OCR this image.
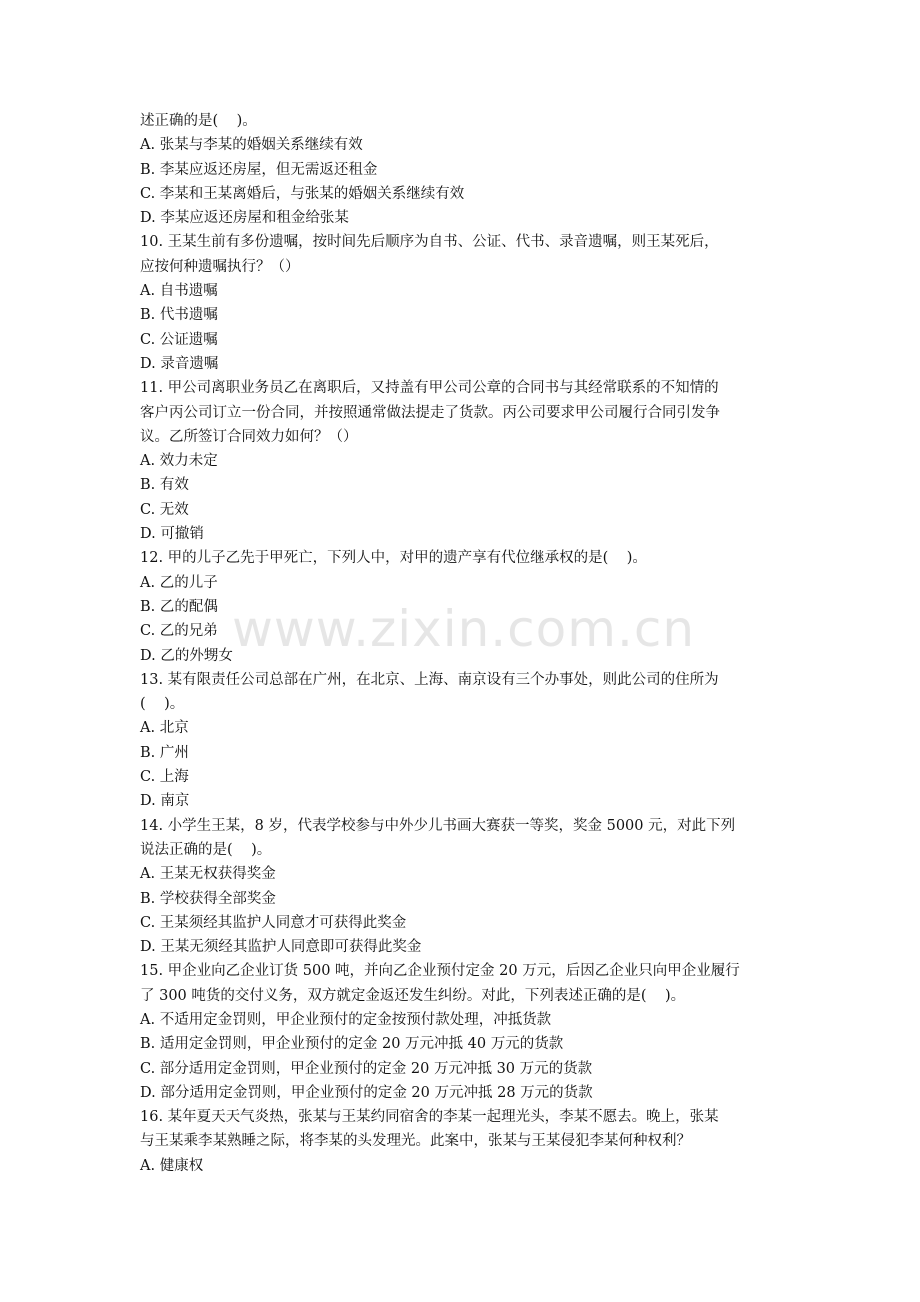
述正确的是(    )。
A. 张某与李某的婚姻关系继续有效
B. 李某应返还房屋，但无需返还租金
C. 李某和王某离婚后，与张某的婚姻关系继续有效
D. 李某应返还房屋和租金给张某
10. 王某生前有多份遗嘱，按时间先后顺序为自书、公证、代书、录音遗嘱，则王某死后，
应按何种遗嘱执行？（）
A. 自书遗嘱
B. 代书遗嘱
C. 公证遗嘱
D. 录音遗嘱
11. 甲公司离职业务员乙在离职后，又持盖有甲公司公章的合同书与其经常联系的不知情的
客户丙公司订立一份合同，并按照通常做法提走了货款。丙公司要求甲公司履行合同引发争
议。乙所签订合同效力如何？（）
A. 效力未定
B. 有效
C. 无效
D. 可撤销
12. 甲的儿子乙先于甲死亡，下列人中，对甲的遗产享有代位继承权的是(    )。
A. 乙的儿子
B. 乙的配偶
C. 乙的兄弟
D. 乙的外甥女
13. 某有限责任公司总部在广州，在北京、上海、南京设有三个办事处，则此公司的住所为
(    )。
A. 北京
B. 广州
C. 上海
D. 南京
14. 小学生王某，8 岁，代表学校参与中外少儿书画大赛获一等奖，奖金 5000 元，对此下列
说法正确的是(    )。
A. 王某无权获得奖金
B. 学校获得全部奖金
C. 王某须经其监护人同意才可获得此奖金
D. 王某无须经其监护人同意即可获得此奖金
15. 甲企业向乙企业订货 500 吨，并向乙企业预付定金 20 万元，后因乙企业只向甲企业履行
了 300 吨货的交付义务，双方就定金返还发生纠纷。对此，下列表述正确的是(    )。
A. 不适用定金罚则，甲企业预付的定金按预付款处理，冲抵货款
B. 适用定金罚则，甲企业预付的定金 20 万元冲抵 40 万元的货款
C. 部分适用定金罚则，甲企业预付的定金 20 万元冲抵 30 万元的货款
D. 部分适用定金罚则，甲企业预付的定金 20 万元冲抵 28 万元的货款
16. 某年夏天天气炎热，张某与王某约同宿舍的李某一起理光头，李某不愿去。晚上，张某
与王某乘李某熟睡之际，将李某的头发理光。此案中，张某与王某侵犯李某何种权利？
A. 健康权
www.zixin.com.cn
